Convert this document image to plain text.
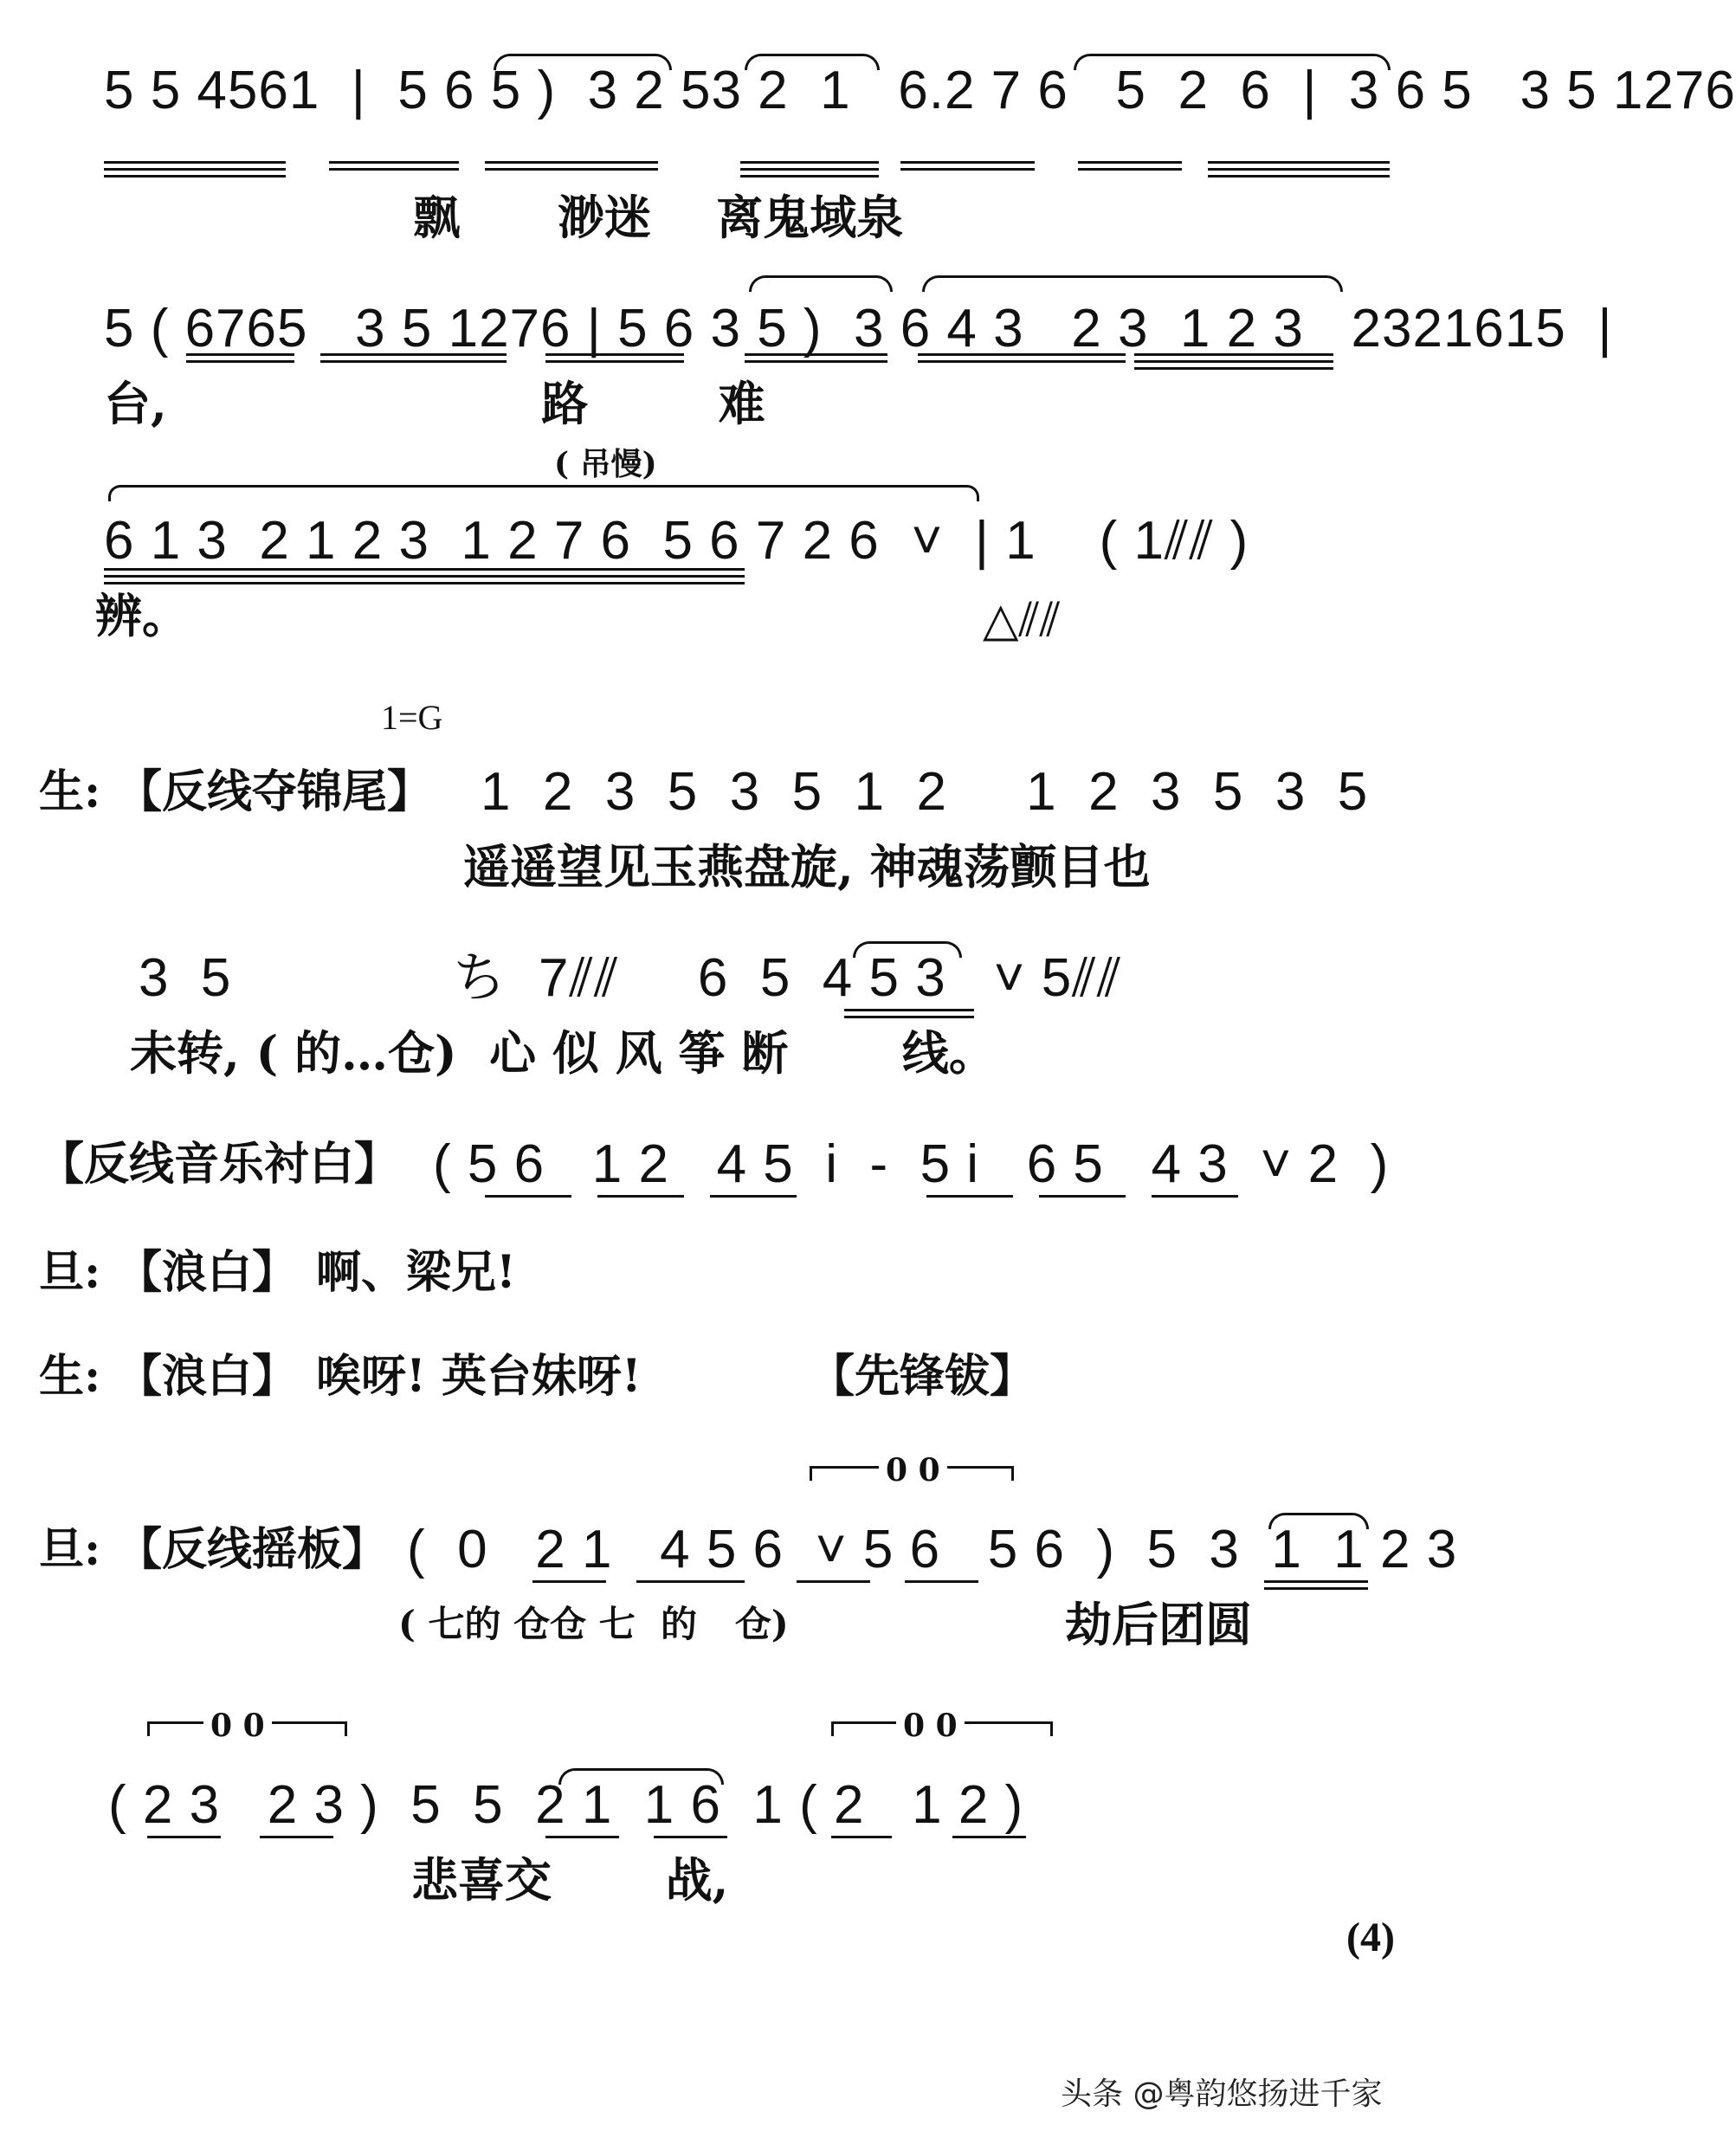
5 5 4561  |  5 6 5 )  3 2 53 2  1   6.2 7 6   5  2  6  |  3 6 5   3 5 1276
飘      渺迷    离鬼域泉
5 ( 6765   3 5 1276 | 5 6 3 5 )  3 6 4 3   2 3  1 2 3   2321615  |
台,                       路        难
( 吊慢)
6 1 3  2 1 2 3  1 2 7 6  5 6 7 2 6  ˅  | 1    ( 1⫽⫽ )
辨。	△⫽⫽
1=G
生: 【反线夺锦尾】 1  2  3  5  3  5  1  2     1  2  3  5  3  5
遥遥望见玉燕盘旋, 神魂荡颤目也
3  5              ち  7⫽⫽     6  5  4 5 3   ˅ 5⫽⫽
未转, ( 的…仓)  心 似 风 筝 断       线。
【反线音乐衬白】 ( 5 6   1 2   4 5  i  -  5 i   6 5   4 3  ˅ 2  )
旦: 【浪白】 啊、梁兄!
生: 【浪白】 唉呀! 英台妹呀!	【先锋钹】
0 0
旦: 【反线摇板】 (  0   2 1   4 5 6  ˅ 5 6   5 6  )  5  3  1  1 2 3
( 七的 仓仓 七  的   仓)	劫后团圆
0 0	0 0
( 2 3   2 3 )  5  5  2 1  1 6  1 ( 2   1 2 )
悲喜交       战,
(4)
头条 @粤韵悠扬进千家
